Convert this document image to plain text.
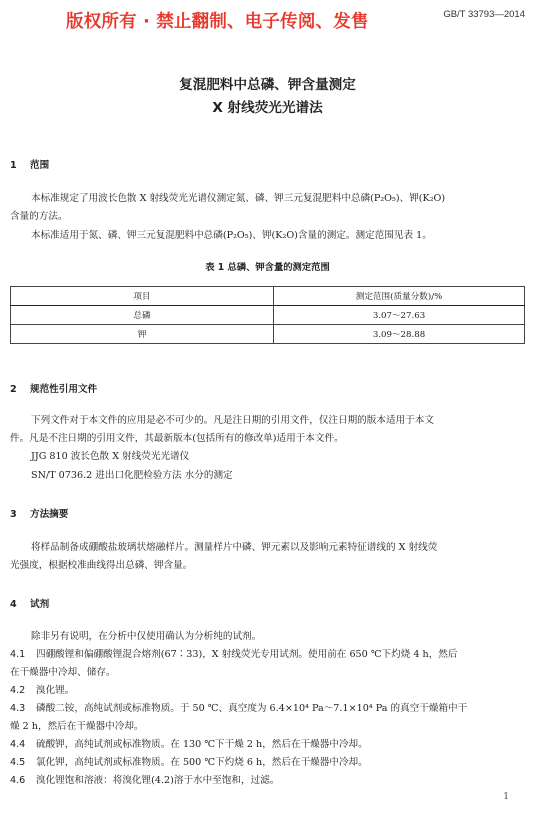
版权所有 · 禁止翻制、电子传阅、发售	GB/T 33793—2014
复混肥料中总磷、钾含量测定
X 射线荧光光谱法
1 范围
本标准规定了用波长色散 X 射线荧光光谱仪测定氮、磷、钾三元复混肥料中总磷(P₂O₅)、钾(K₂O)
含量的方法。
本标准适用于氮、磷、钾三元复混肥料中总磷(P₂O₅)、钾(K₂O)含量的测定。测定范围见表 1。
表 1 总磷、钾含量的测定范围
项目	测定范围(质量分数)/%
总磷	3.07～27.63
钾	3.09～28.88
2 规范性引用文件
下列文件对于本文件的应用是必不可少的。凡是注日期的引用文件，仅注日期的版本适用于本文
件。凡是不注日期的引用文件，其最新版本(包括所有的修改单)适用于本文件。
JJG 810 波长色散 X 射线荧光光谱仪
SN/T 0736.2 进出口化肥检验方法 水分的测定
3 方法摘要
将样品制备成硼酸盐玻璃状熔融样片。测量样片中磷、钾元素以及影响元素特征谱线的 X 射线荧
光强度，根据校准曲线得出总磷、钾含量。
4 试剂
除非另有说明，在分析中仅使用确认为分析纯的试剂。
4.1 四硼酸锂和偏硼酸锂混合熔剂(67∶33)，X 射线荧光专用试剂。使用前在 650 ℃下灼烧 4 h，然后
在干燥器中冷却、储存。
4.2 溴化锂。
4.3 磷酸二铵，高纯试剂或标准物质。于 50 ℃、真空度为 6.4×10⁴ Pa～7.1×10⁴ Pa 的真空干燥箱中干
燥 2 h，然后在干燥器中冷却。
4.4 硫酸钾，高纯试剂或标准物质。在 130 ℃下干燥 2 h，然后在干燥器中冷却。
4.5 氯化钾，高纯试剂或标准物质。在 500 ℃下灼烧 6 h，然后在干燥器中冷却。
4.6 溴化锂饱和溶液：将溴化锂(4.2)溶于水中至饱和，过滤。
1
